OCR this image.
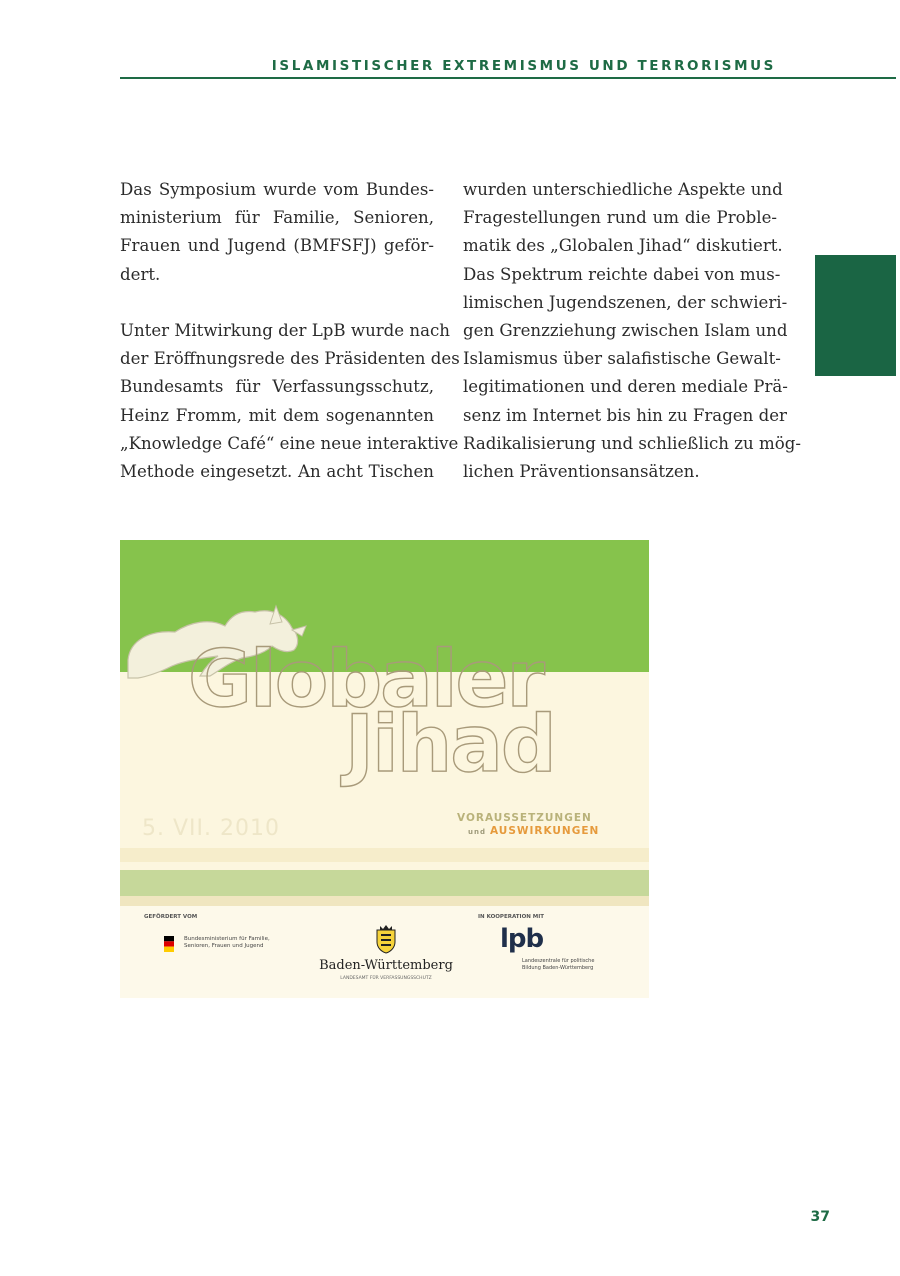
ISLAMISTISCHER EXTREMISMUS UND TERRORISMUS
Das Symposium wurde vom Bundes-
ministerium für Familie, Senioren,
Frauen und Jugend (BMFSFJ) geför-
dert.
Unter Mitwirkung der LpB wurde nach
der Eröffnungsrede des Präsidenten des
Bundesamts für Verfassungsschutz,
Heinz Fromm, mit dem sogenannten
„Knowledge Café“ eine neue interaktive
Methode eingesetzt. An acht Tischen
wurden unterschiedliche Aspekte und
Fragestellungen rund um die Proble-
matik des „Globalen Jihad“ diskutiert.
Das Spektrum reichte dabei von mus-
limischen Jugendszenen, der schwieri-
gen Grenzziehung zwischen Islam und
Islamismus über salafistische Gewalt-
legitimationen und deren mediale Prä-
senz im Internet bis hin zu Fragen der
Radikalisierung und schließlich zu mög-
lichen Präventionsansätzen.
Globaler
Jihad
5. VII. 2010	VORAUSSETZUNGEN
und AUSWIRKUNGEN
GEFÖRDERT VOM
Bundesministerium für Familie, Senioren, Frauen und Jugend
Baden-Württemberg
LANDESAMT FÜR VERFASSUNGSSCHUTZ
IN KOOPERATION MIT
lpb
Landeszentrale für politische Bildung Baden-Württemberg
37
